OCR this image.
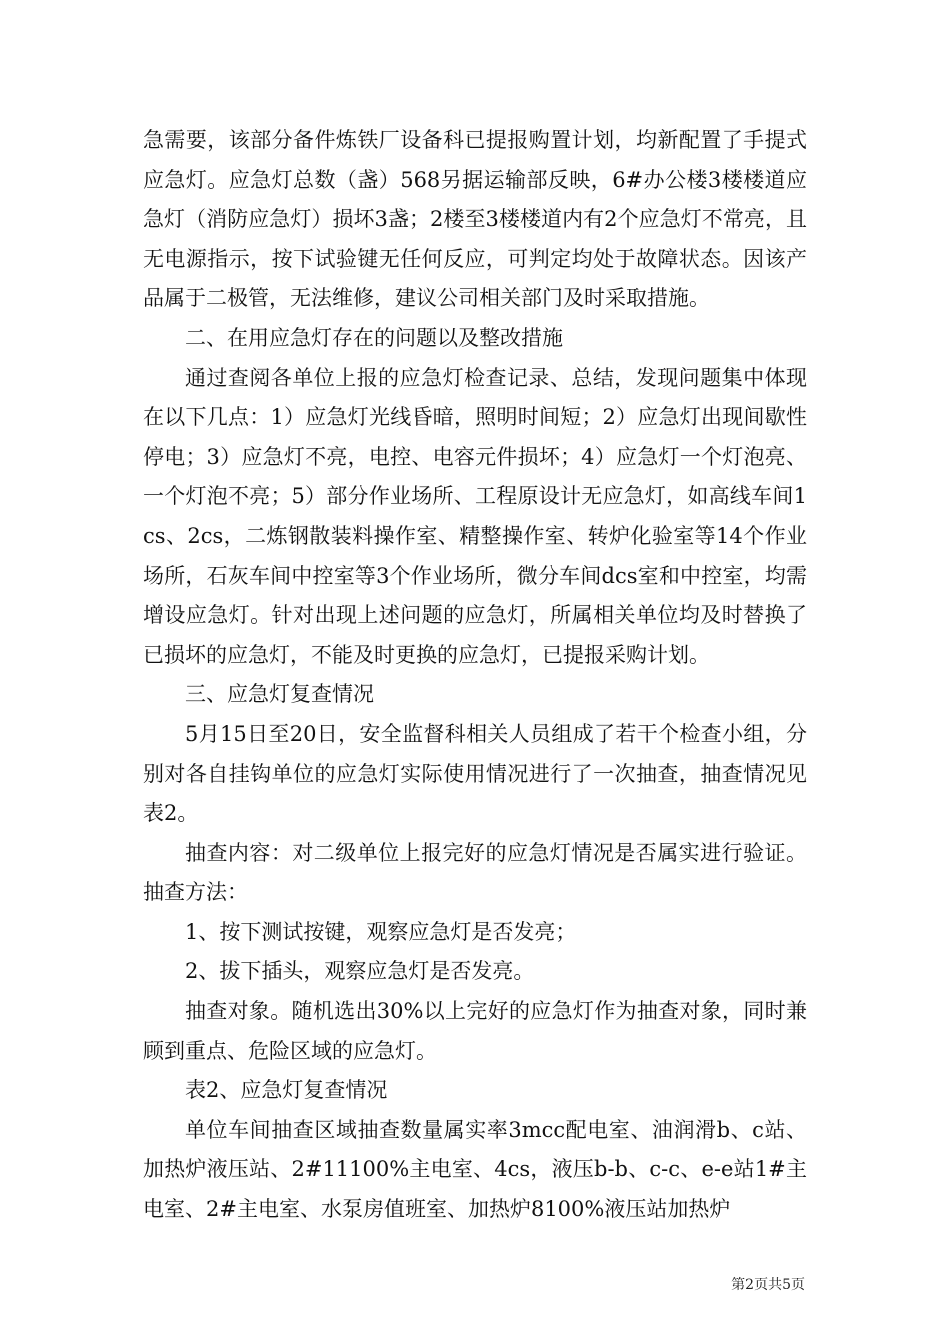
急需要，该部分备件炼铁厂设备科已提报购置计划，均新配置了手提式应急灯。应急灯总数（盏）568另据运输部反映，6#办公楼3楼楼道应急灯（消防应急灯）损坏3盏；2楼至3楼楼道内有2个应急灯不常亮，且无电源指示，按下试验键无任何反应，可判定均处于故障状态。因该产品属于二极管，无法维修，建议公司相关部门及时采取措施。

二、在用应急灯存在的问题以及整改措施

通过查阅各单位上报的应急灯检查记录、总结，发现问题集中体现在以下几点：1）应急灯光线昏暗，照明时间短；2）应急灯出现间歇性停电；3）应急灯不亮，电控、电容元件损坏；4）应急灯一个灯泡亮、一个灯泡不亮；5）部分作业场所、工程原设计无应急灯，如高线车间1cs、2cs，二炼钢散装料操作室、精整操作室、转炉化验室等14个作业场所，石灰车间中控室等3个作业场所，微分车间dcs室和中控室，均需增设应急灯。针对出现上述问题的应急灯，所属相关单位均及时替换了已损坏的应急灯，不能及时更换的应急灯，已提报采购计划。

三、应急灯复查情况

5月15日至20日，安全监督科相关人员组成了若干个检查小组，分别对各自挂钩单位的应急灯实际使用情况进行了一次抽查，抽查情况见表2。

抽查内容：对二级单位上报完好的应急灯情况是否属实进行验证。抽查方法：

1、按下测试按键，观察应急灯是否发亮；

2、拔下插头，观察应急灯是否发亮。

抽查对象。随机选出30%以上完好的应急灯作为抽查对象，同时兼顾到重点、危险区域的应急灯。

表2、应急灯复查情况

单位车间抽查区域抽查数量属实率3mcc配电室、油润滑b、c站、加热炉液压站、2#11100%主电室、4cs，液压b-b、c-c、e-e站1#主电室、2#主电室、水泵房值班室、加热炉8100%液压站加热炉

第2页共5页
